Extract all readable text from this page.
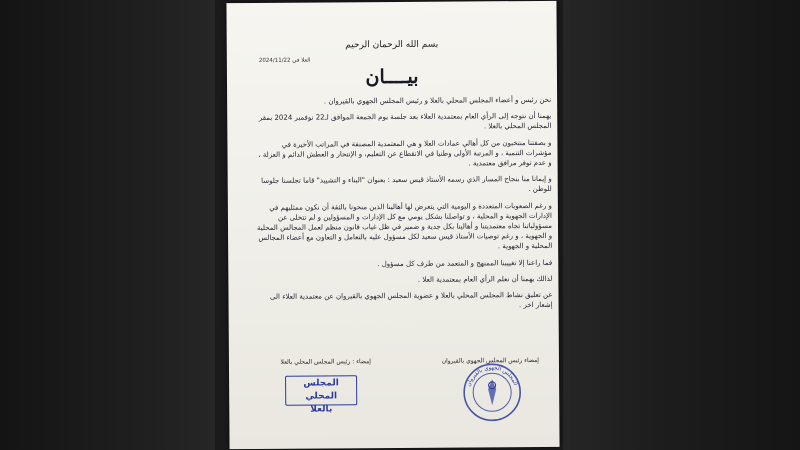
بسم الله الرحمان الرحيم
العلا في 2024/11/22
بيــــان

نحن رئيس و أعضاء المجلس المحلي بالعلا و رئيس المجلس الجهوي بالقيروان .

يهمنا أن نتوجه إلى الرأي العام بمعتمدية العلاء بعد جلسة يوم الجمعة الموافق لـ22 نوفمبر 2024 بمقر المجلس المحلي بالعلا .

و بصفتنا منتخبون من كل أهالي عمادات العلا و هي المعتمدية المصنفة في المراتب الأخيرة في مؤشرات التنمية ، و المرتبة الأولى وطنيا في الانقطاع عن التعليم، و الإنتحار و العطش الدائم و العزلة ، و عدم توفر مرافق معتمدية .

و إيمانا منا بنجاح المسار الذي رسمه الأستاذ قيس سعيد : بعنوان "البناء و التشييد" قاما تجلسنا جلوسا للوطن .

و رغم الصعوبات المتعددة و اليومية التي يتعرض لها أهالينا الذين منحونا بالثقة أن نكون ممثليهم في الإدارات الجهوية و المحلية ، و تواصلنا بشكل يومي مع كل الإدارات و المسؤولين و لم تتخلى عن مسؤولياتنا تجاه معتمديتنا و أهالينا بكل جدية و ضمير في ظل غياب قانون منظم لعمل المجالس المحلية و الجهوية ، و رغم توصيات الأستاذ قيس سعيد لكل مسؤول عليه بالتعامل و التعاون مع أعضاء المجالس المحلية و الجهوية .

فما راعنا إلا تغييبنا الممنهج و المتعمد من طرف كل مسؤول .

لذالك يهمنا أن نعلم الرأي العام بمعتمدية العلا .

عن تعليق نشاط المجلس المحلي بالعلا و عضوية المجلس الجهوي بالقيروان عن معتمدية العلاء الى إشعار اخر .

إمضاء رئيس المجلس الجهوي بالقيروان
إمضاء : رئيس المجلس المحلي بالعلا
المجلس المحلي
بالعلا
المجلس الجهوي بالقيروان
